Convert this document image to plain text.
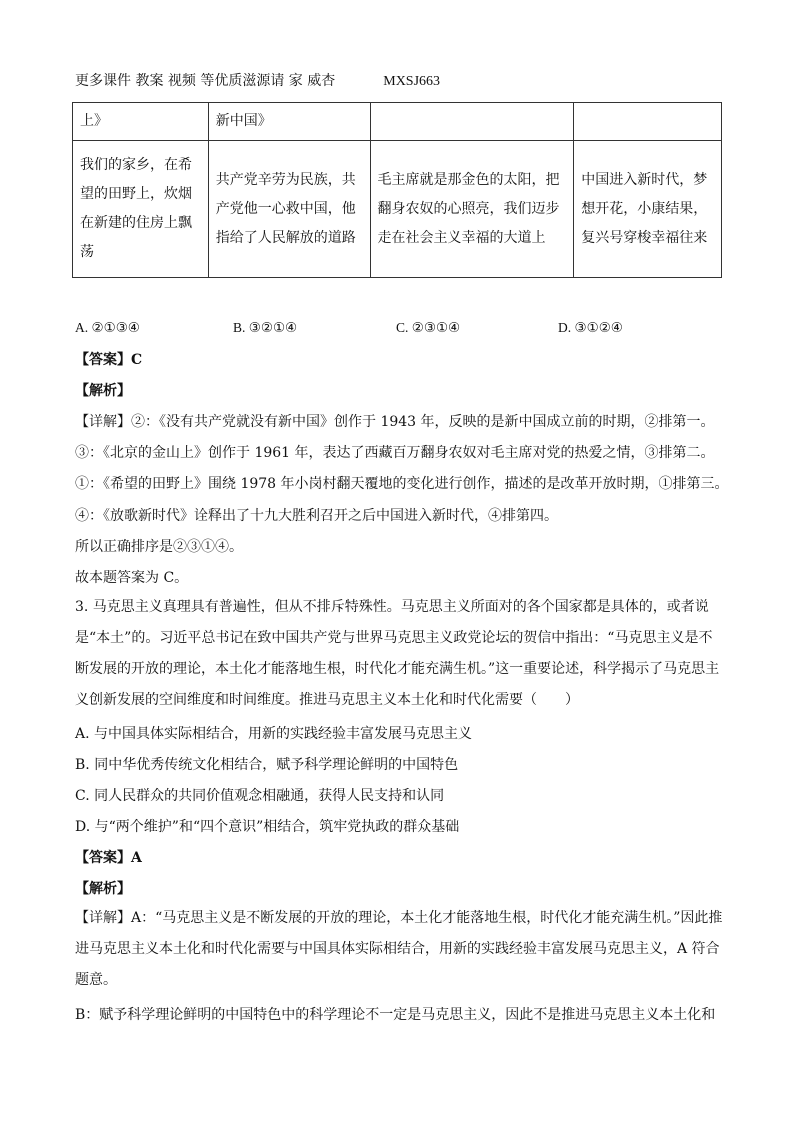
更多课件 教案 视频 等优质滋源请 家 威杏	MXSJ663
上》	新中国》		
我们的家乡，在希望的田野上，炊烟在新建的住房上飘荡	共产党辛劳为民族，共产党他一心救中国，他指给了人民解放的道路	毛主席就是那金色的太阳，把翻身农奴的心照亮，我们迈步走在社会主义幸福的大道上	中国进入新时代，梦想开花，小康结果，复兴号穿梭幸福往来
A. ②①③④	B. ③②①④	C. ②③①④	D. ③①②④
【答案】C
【解析】
【详解】②：《没有共产党就没有新中国》创作于 1943 年，反映的是新中国成立前的时期，②排第一。
③：《北京的金山上》创作于 1961 年，表达了西藏百万翻身农奴对毛主席对党的热爱之情，③排第二。
①：《希望的田野上》围绕 1978 年小岗村翻天覆地的变化进行创作，描述的是改革开放时期，①排第三。
④：《放歌新时代》诠释出了十九大胜利召开之后中国进入新时代，④排第四。
所以正确排序是②③①④。
故本题答案为 C。
3. 马克思主义真理具有普遍性，但从不排斥特殊性。马克思主义所面对的各个国家都是具体的，或者说是“本土”的。习近平总书记在致中国共产党与世界马克思主义政党论坛的贺信中指出：“马克思主义是不断发展的开放的理论，本土化才能落地生根，时代化才能充满生机。”这一重要论述，科学揭示了马克思主义创新发展的空间维度和时间维度。推进马克思主义本土化和时代化需要（　　）
A. 与中国具体实际相结合，用新的实践经验丰富发展马克思主义
B. 同中华优秀传统文化相结合，赋予科学理论鲜明的中国特色
C. 同人民群众的共同价值观念相融通，获得人民支持和认同
D. 与“两个维护”和“四个意识”相结合，筑牢党执政的群众基础
【答案】A
【解析】
【详解】A：“马克思主义是不断发展的开放的理论，本土化才能落地生根，时代化才能充满生机。”因此推进马克思主义本土化和时代化需要与中国具体实际相结合，用新的实践经验丰富发展马克思主义，A 符合题意。
B：赋予科学理论鲜明的中国特色中的科学理论不一定是马克思主义，因此不是推进马克思主义本土化和
